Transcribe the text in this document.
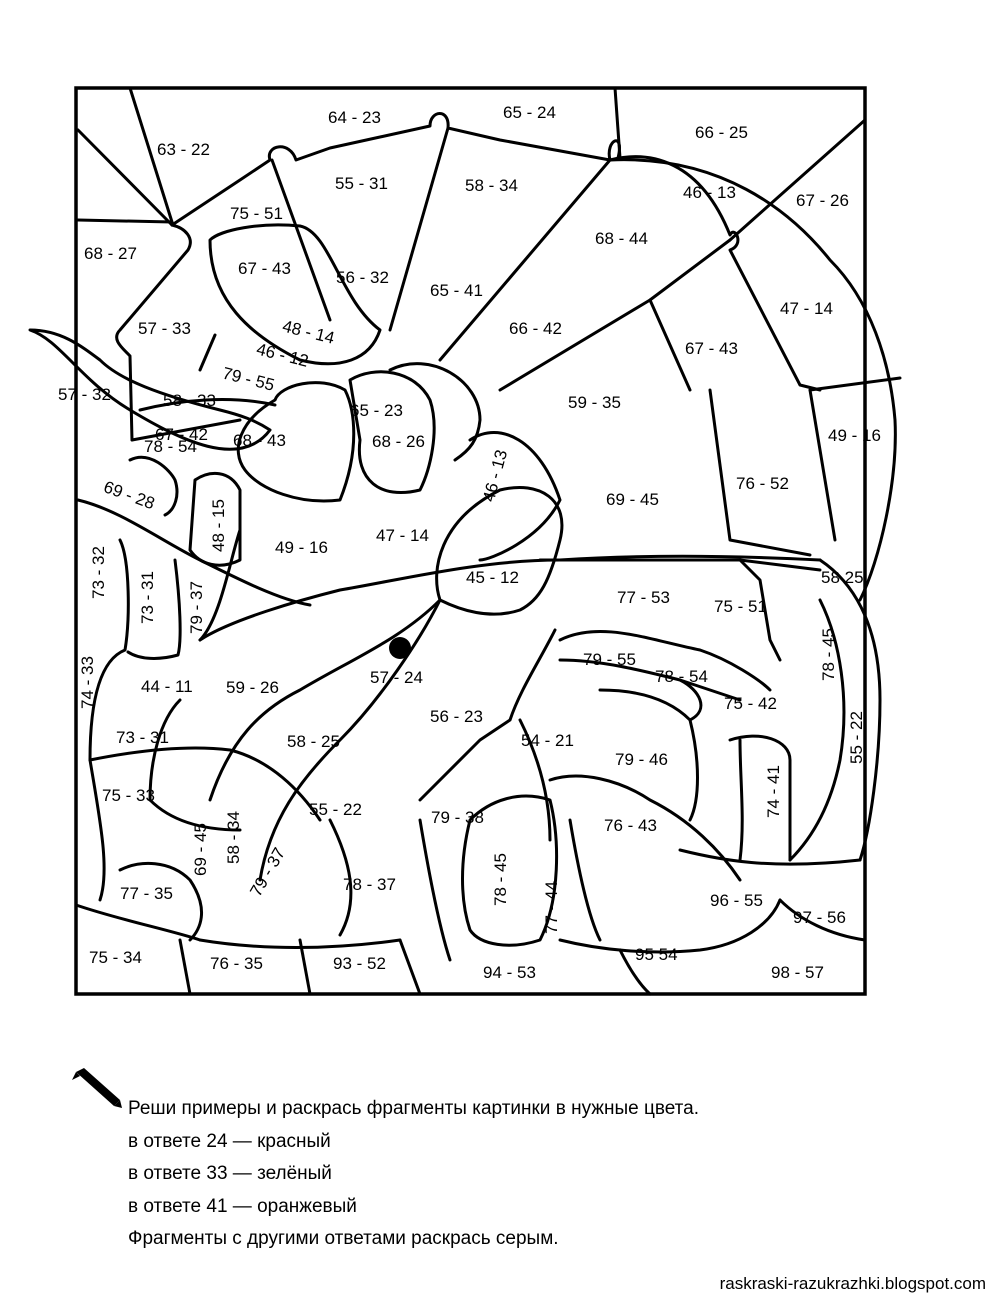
63 - 22
64 - 23	65 - 24
66 - 25
55 - 31	58 - 34	46 - 13	67 - 26
75 - 51
68 - 27
67 - 43	56 - 32
68 - 44
65 - 41
47 - 14
57 - 33	48 - 14
46 - 12
66 - 42
67 - 43
79 - 55
57 - 32	58 - 33
65 - 23	59 - 35
67 - 42 68 - 43	68 - 26
46 - 13
49 - 16
78 - 54
76 - 52
69 - 28
48 - 15	69 - 45
47 - 14
49 - 16
73 - 32 73 - 31 79 - 37
45 - 12	58 25
77 - 53	75 - 51
74 - 33
78 - 45
57 - 24
79 - 55
44 - 11 59 - 26
78 - 54
75 - 42
56 - 23
73 - 31	58 - 25	54 - 21	55 - 22
79 - 46
75 - 33	74 - 41
55 - 22	79 - 38	76 - 43
69 - 45 58 - 34
79 - 37	78 - 45
77 - 35	78 - 37	77 - 44	96 - 55
97 - 56
75 - 34	76 - 35	93 - 52	94 - 53
95 54
98 - 57
Реши примеры и раскрась фрагменты картинки в нужные цвета.
в ответе 24 — красный
в ответе 33 — зелёный
в ответе 41 — оранжевый
Фрагменты с другими ответами раскрась серым.
raskraski-razukrazhki.blogspot.com
